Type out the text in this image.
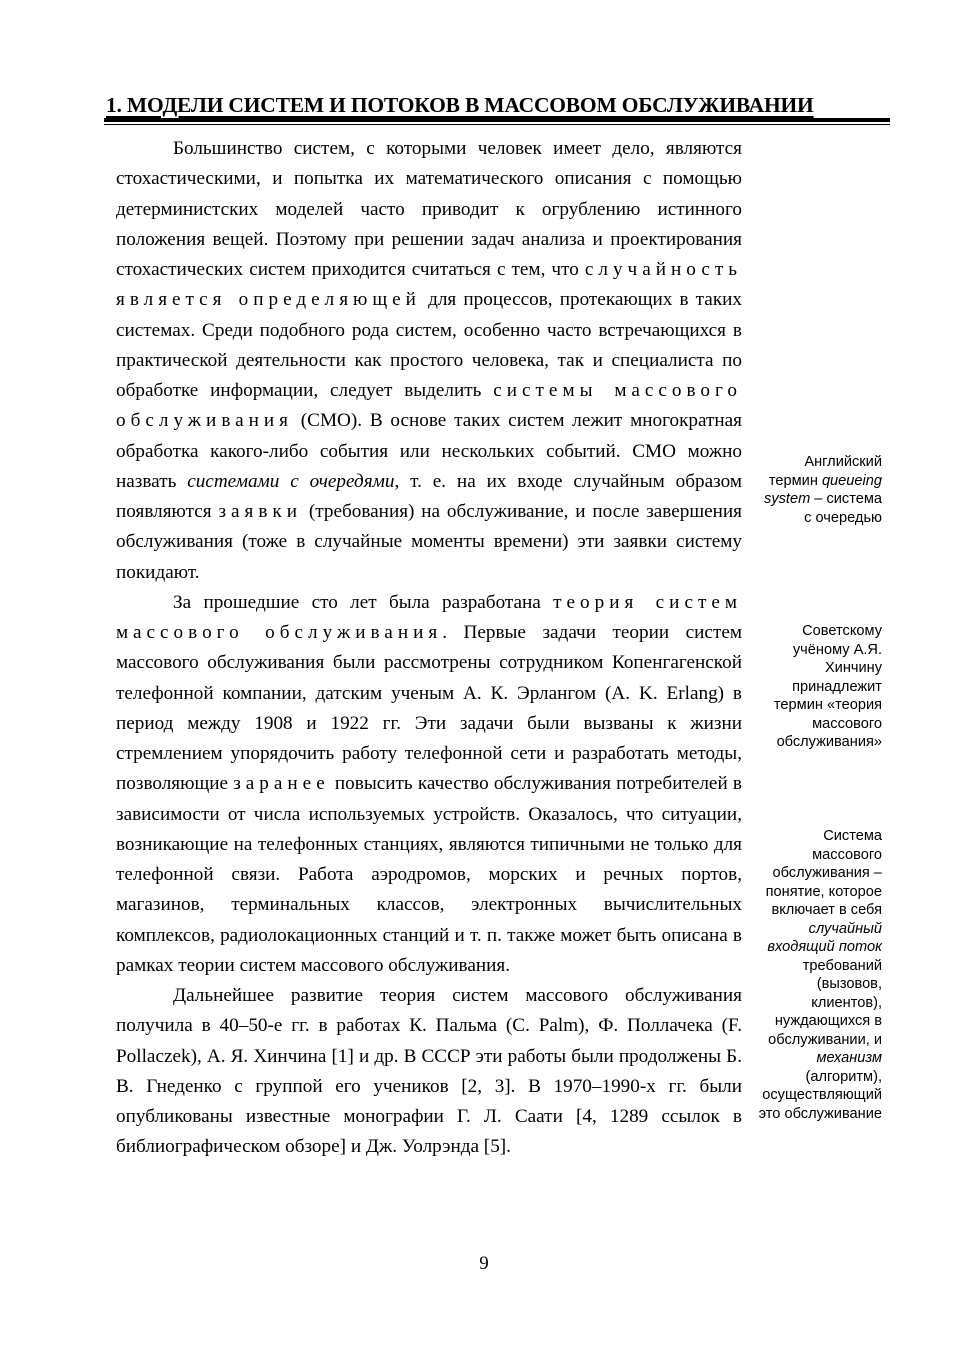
1. МОДЕЛИ СИСТЕМ И ПОТОКОВ В МАССОВОМ ОБСЛУЖИВАНИИ

Большинство систем, с которыми человек имеет дело, являются стохастическими, и попытка их математического описания с помощью детерминистских моделей часто приводит к огрублению истинного положения вещей. Поэтому при решении задач анализа и проектирования стохастических систем приходится считаться с тем, что случайность является определяющей для процессов, протекающих в таких системах. Среди подобного рода систем, особенно часто встречающихся в практической деятельности как простого человека, так и специалиста по обработке информации, следует выделить системы массового обслуживания (СМО). В основе таких систем лежит многократная обработка какого-либо события или нескольких событий. СМО можно назвать системами с очередями, т. е. на их входе случайным образом появляются заявки (требования) на обслуживание, и после завершения обслуживания (тоже в случайные моменты времени) эти заявки систему покидают.

За прошедшие сто лет была разработана теория систем массового обслуживания. Первые задачи теории систем массового обслуживания были рассмотрены сотрудником Копенгагенской телефонной компании, датским ученым А. К. Эрлангом (A. K. Erlang) в период между 1908 и 1922 гг. Эти задачи были вызваны к жизни стремлением упорядочить работу телефонной сети и разработать методы, позволяющие заранее повысить качество обслуживания потребителей в зависимости от числа используемых устройств. Оказалось, что ситуации, возникающие на телефонных станциях, являются типичными не только для телефонной связи. Работа аэродромов, морских и речных портов, магазинов, терминальных классов, электронных вычислительных комплексов, радиолокационных станций и т. п. также может быть описана в рамках теории систем массового обслуживания.

Дальнейшее развитие теория систем массового обслуживания получила в 40–50-е гг. в работах К. Пальма (C. Palm), Ф. Поллачека (F. Pollaczek), А. Я. Хинчина [1] и др. В СССР эти работы были продолжены Б. В. Гнеденко с группой его учеников [2, 3]. В 1970–1990-х гг. были опубликованы известные монографии Г. Л. Саати [4, 1289 ссылок в библиографическом обзоре] и Дж. Уолрэнда [5].

Английский термин queueing system – система с очередью
Советскому учёному А.Я. Хинчину принадлежит термин «теория массового обслуживания»
Система массового обслуживания – понятие, которое включает в себя случайный входящий поток требований (вызовов, клиентов), нуждающихся в обслуживании, и механизм (алгоритм), осуществляющий это обслуживание
9
